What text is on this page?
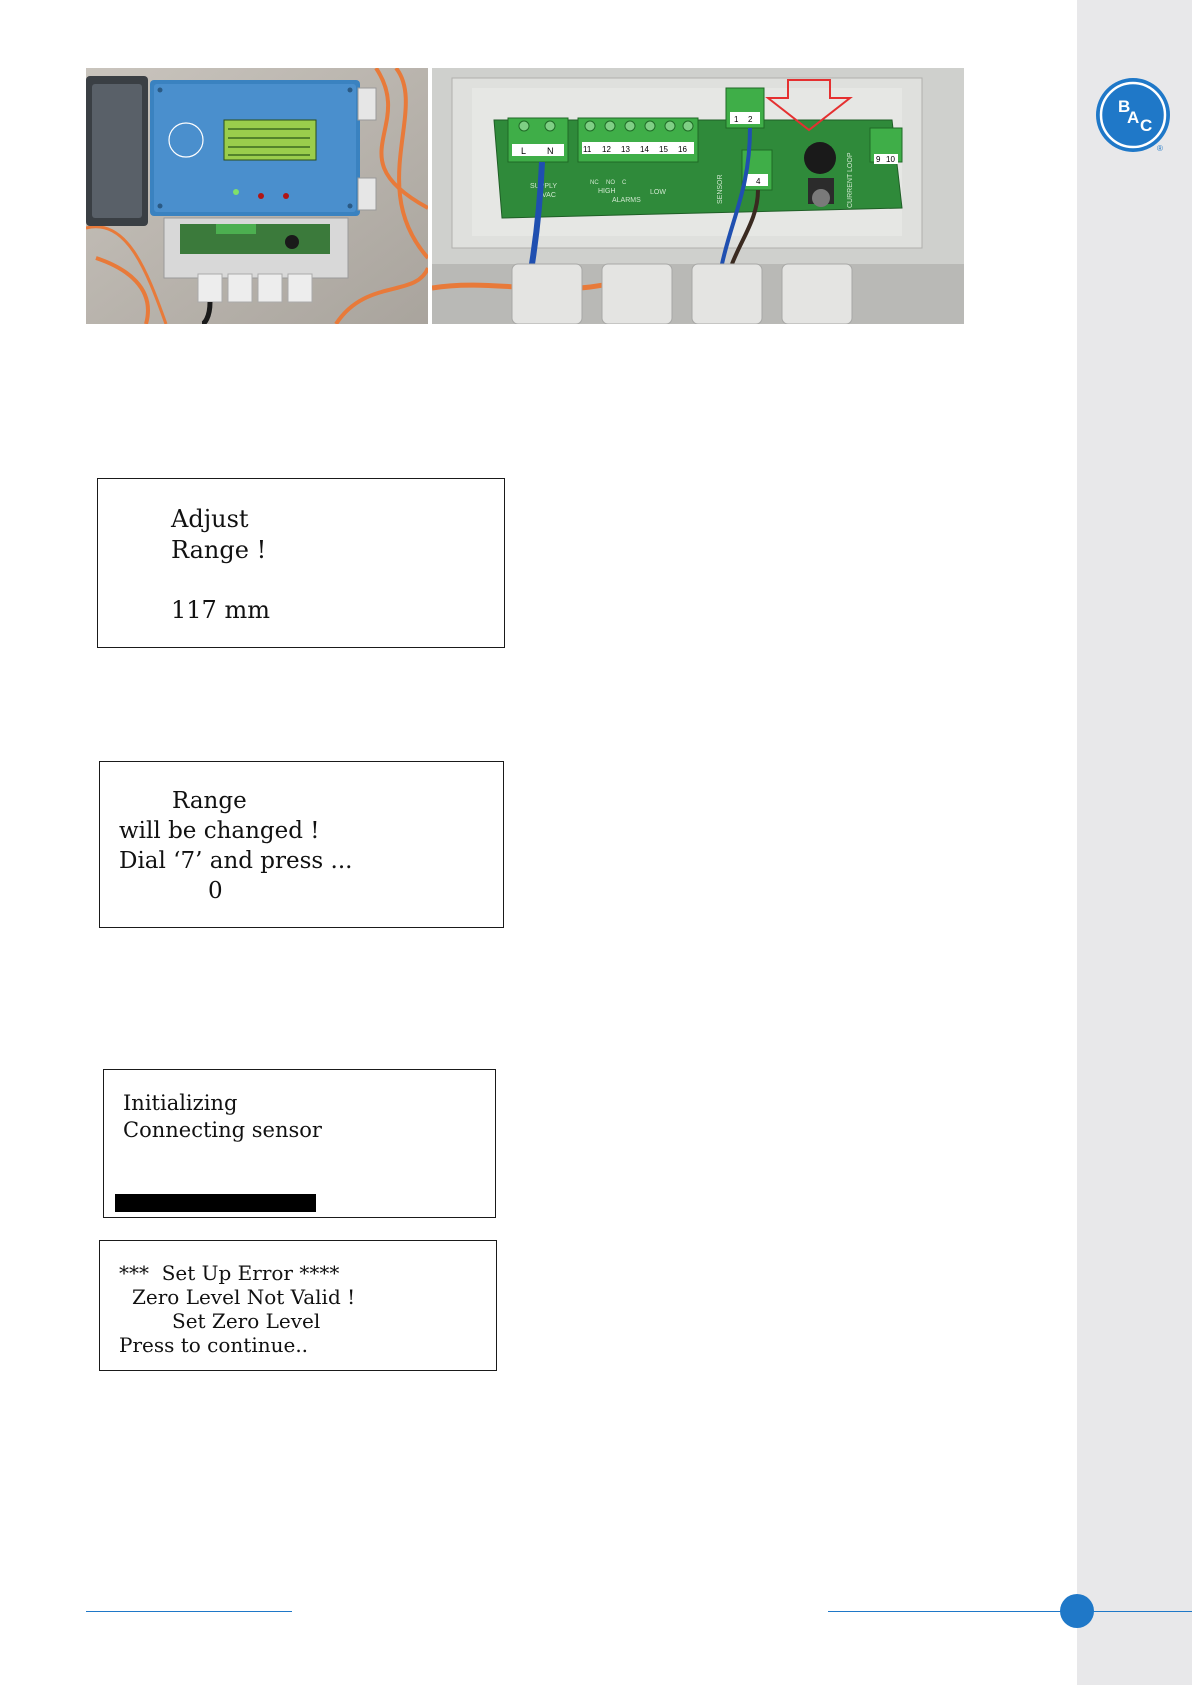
B
A C
®
L N	11 12 13 14 15 16
1 2
4
9 10
SUPPLY
VAC
NC NO C
HIGH	LOW
ALARMS	SENSOR	CURRENT LOOP
Adjust
Range !
117 mm
Range
will be changed !
Dial ‘7’ and press ...
0
Initializing
Connecting sensor
***  Set Up Error ****
Zero Level Not Valid !
Set Zero Level
Press to continue..
